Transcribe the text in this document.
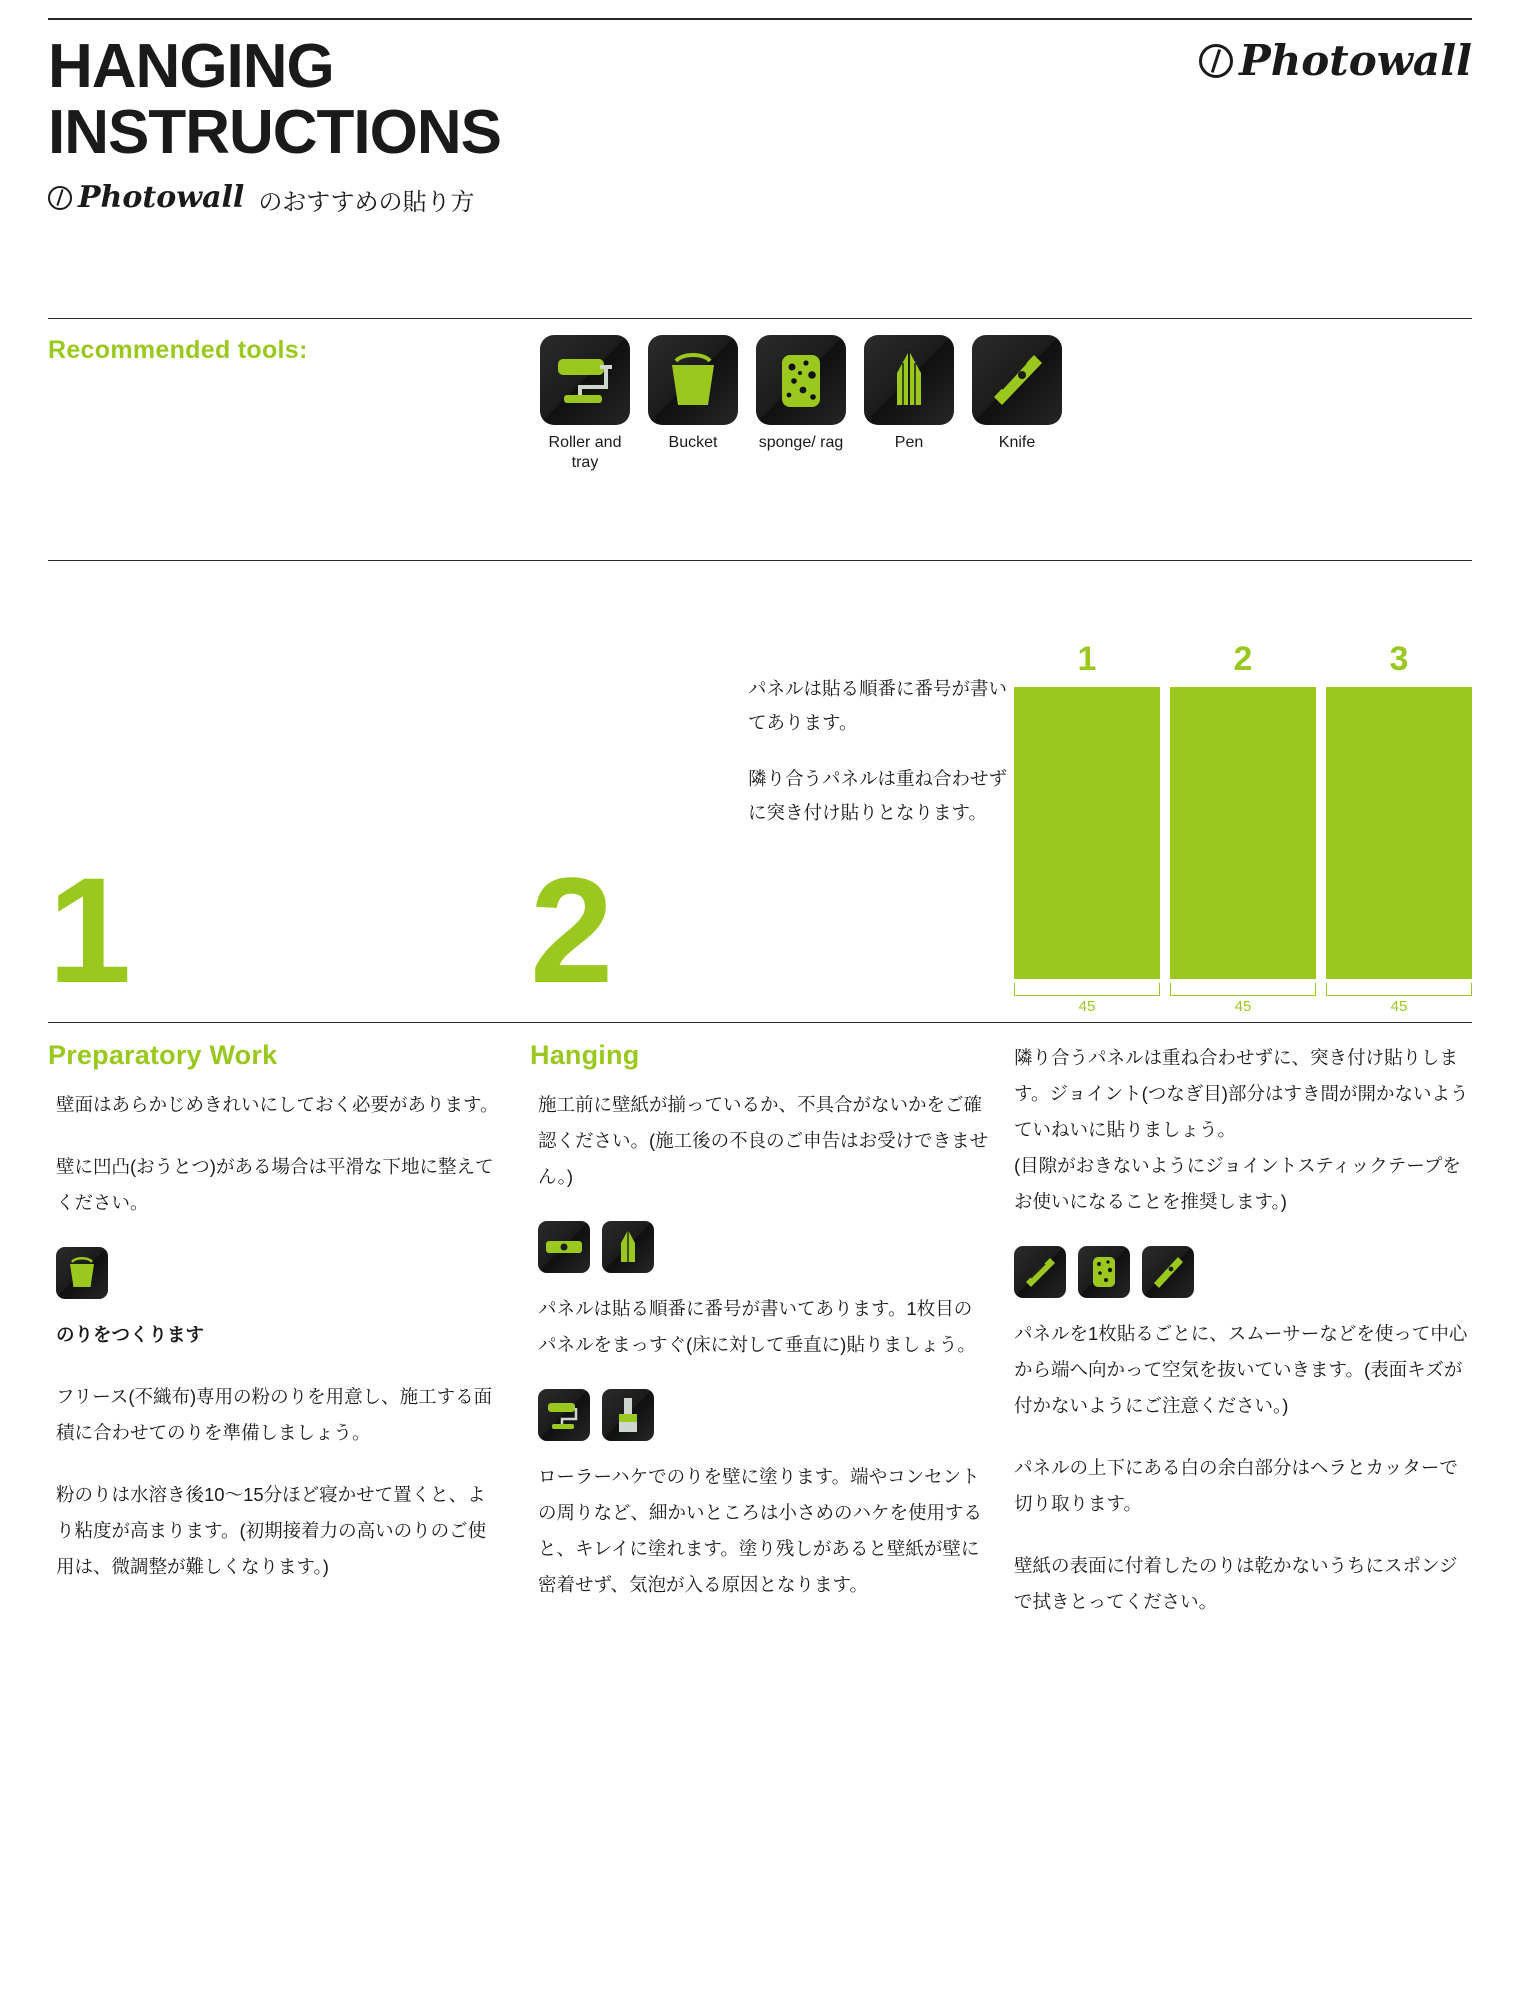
HANGING
INSTRUCTIONS
Photowall のおすすめの貼り方
Photowall
Recommended tools:
Roller and tray
Bucket	sponge/ rag	Pen	Knife
1	2

パネルは貼る順番に番号が書いてあります。

隣り合うパネルは重ね合わせずに突き付け貼りとなります。

1	2	3
45	45	45
Preparatory Work

壁面はあらかじめきれいにしておく必要があります。

壁に凹凸(おうとつ)がある場合は平滑な下地に整えてください。

のりをつくります

フリース(不織布)専用の粉のりを用意し、施工する面積に合わせてのりを準備しましょう。

粉のりは水溶き後10〜15分ほど寝かせて置くと、より粘度が高まります。(初期接着力の高いのりのご使用は、微調整が難しくなります。)

Hanging

施工前に壁紙が揃っているか、不具合がないかをご確認ください。(施工後の不良のご申告はお受けできません。)

パネルは貼る順番に番号が書いてあります。1枚目のパネルをまっすぐ(床に対して垂直に)貼りましょう。

ローラーハケでのりを壁に塗ります。端やコンセントの周りなど、細かいところは小さめのハケを使用すると、キレイに塗れます。塗り残しがあると壁紙が壁に密着せず、気泡が入る原因となります。

隣り合うパネルは重ね合わせずに、突き付け貼りします。ジョイント(つなぎ目)部分はすき間が開かないようていねいに貼りましょう。

(目隙がおきないようにジョイントスティックテープをお使いになることを推奨します。)

パネルを1枚貼るごとに、スムーサーなどを使って中心から端へ向かって空気を抜いていきます。(表面キズが付かないようにご注意ください。)

パネルの上下にある白の余白部分はヘラとカッターで切り取ります。

壁紙の表面に付着したのりは乾かないうちにスポンジで拭きとってください。
